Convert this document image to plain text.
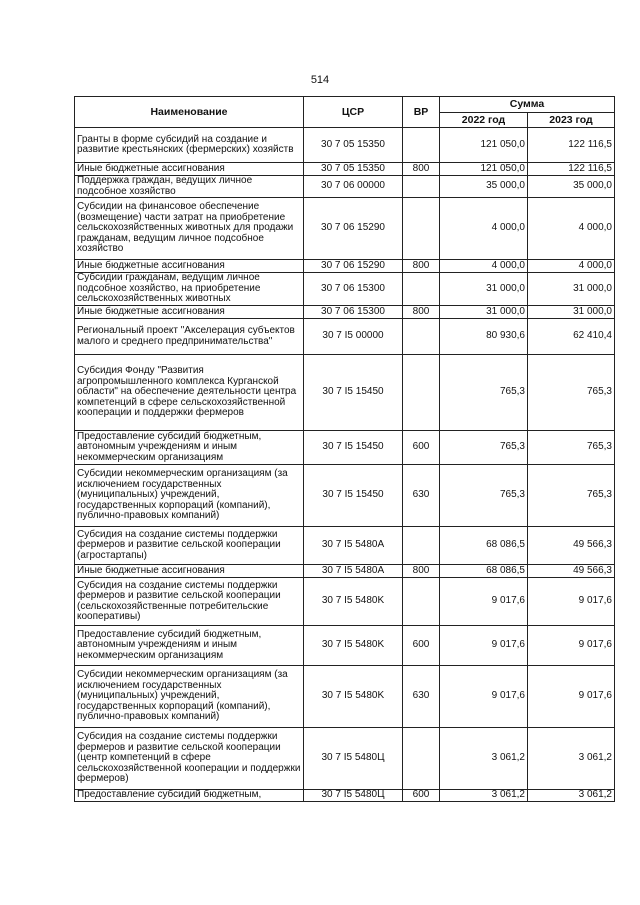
514
Наименование	ЦСР	ВР	Сумма	
			2022 год	2023 год
Гранты в форме субсидий на создание и развитие крестьянских (фермерских) хозяйств	30 7 05 15350		121 050,0	122 116,5
Иные бюджетные ассигнования	30 7 05 15350	800	121 050,0	122 116,5
Поддержка граждан, ведущих личное подсобное хозяйство	30 7 06 00000		35 000,0	35 000,0
Субсидии на финансовое обеспечение (возмещение) части затрат на приобретение сельскохозяйственных животных для продажи гражданам, ведущим личное подсобное хозяйство	30 7 06 15290		4 000,0	4 000,0
Иные бюджетные ассигнования	30 7 06 15290	800	4 000,0	4 000,0
Субсидии гражданам, ведущим личное подсобное хозяйство, на приобретение сельскохозяйственных животных	30 7 06 15300		31 000,0	31 000,0
Иные бюджетные ассигнования	30 7 06 15300	800	31 000,0	31 000,0
Региональный проект "Акселерация субъектов малого и среднего предпринимательства"	30 7 I5 00000		80 930,6	62 410,4
Субсидия Фонду "Развития агропромышленного комплекса Курганской области" на обеспечение деятельности центра компетенций в сфере сельскохозяйственной кооперации и поддержки фермеров	30 7 I5 15450		765,3	765,3
Предоставление субсидий бюджетным, автономным учреждениям и иным некоммерческим организациям	30 7 I5 15450	600	765,3	765,3
Субсидии некоммерческим организациям (за исключением государственных (муниципальных) учреждений, государственных корпораций (компаний), публично-правовых компаний)	30 7 I5 15450	630	765,3	765,3
Субсидия на создание системы поддержки фермеров и развитие сельской кооперации (агростартапы)	30 7 I5 5480A		68 086,5	49 566,3
Иные бюджетные ассигнования	30 7 I5 5480A	800	68 086,5	49 566,3
Субсидия на создание системы поддержки фермеров и развитие сельской кооперации (сельскохозяйственные потребительские кооперативы)	30 7 I5 5480K		9 017,6	9 017,6
Предоставление субсидий бюджетным, автономным учреждениям и иным некоммерческим организациям	30 7 I5 5480K	600	9 017,6	9 017,6
Субсидии некоммерческим организациям (за исключением государственных (муниципальных) учреждений, государственных корпораций (компаний), публично-правовых компаний)	30 7 I5 5480K	630	9 017,6	9 017,6
Субсидия на создание системы поддержки фермеров и развитие сельской кооперации (центр компетенций в сфере сельскохозяйственной кооперации и поддержки фермеров)	30 7 I5 5480Ц		3 061,2	3 061,2
Предоставление субсидий бюджетным,	30 7 I5 5480Ц	600	3 061,2	3 061,2
